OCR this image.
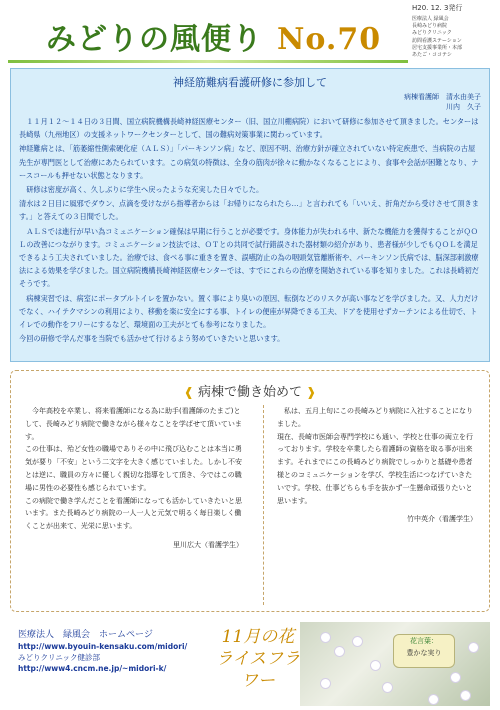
H20. 12. 3発行
みどりの風便り No.70
医療法人 緑風会
長崎みどり病院
みどりクリニック
訪問看護ステーション
居宅支援事業所・本部
あたご・ココテシ
神経筋難病看護研修に参加して
病棟看護師　清水由美子
川内　久子

　１１月１２～１４日の３日間、国立病院機構長崎神経医療センター（旧、国立川棚病院）において研修に参加させて頂きました。センターは長崎県（九州地区）の支援ネットワークセンターとして、国の難病対策事業に関わっています。

神経難病とは、「筋萎縮性側索硬化症（ＡＬＳ）」「パーキンソン病」など、原因不明、治療方針が確立されていない特定疾患で、当病院の古屋先生が専門医として治療にあたられています。この病気の特徴は、全身の筋肉が徐々に動かなくなることにより、食事や会話が困難となり、ナースコールも押せない状態となります。

　研修は密度が高く、久しぶりに学生へ戻ったような充実した日々でした。

清水は２日目に風邪でダウン、点滴を受けながら指導者からは「お帰りになられたら…」と言われても「いいえ、折角だから受けさせて頂きます。」と答えての３日間でした。

　ＡＬＳでは進行が早い為コミュニケーション確保は早期に行うことが必要です。身体能力が失われる中、新たな機能力を獲得することがＱＯＬの改善につながります。コミュニケーション技法では、ＯＴとの共同で試行錯誤された器材類の紹介があり、患者様が少しでもＱＯＬを満足できるよう工夫されていました。治療では、食べる事に重きを置き、誤嚥防止の為の咽頭気管離断術や、パーキンソン氏病では、脳深部刺激療法による効果を学びました。国立病院機構長崎神経医療センターでは、すでにこれらの治療を開始されている事を知りました。これは長崎初だそうです。

　病棟実習では、病室にポータブルトイレを置かない。置く事により臭いの原因、転倒などのリスクが高い事などを学びました。又、人力だけでなく、ハイテクマシンの利用により、移動を楽に安全にする事、トイレの便座が昇降できる工夫、ドアを使用せずカーテンによる仕切で、トイレでの動作をフリーにするなど、環境面の工夫がとても参考になりました。

今回の研修で学んだ事を当院でも活かせて行けるよう努めていきたいと思います。

❰ 病棟で働き始めて ❱

　今年高校を卒業し、将来看護師になる為に助手(看護師のたまご)として、長崎みどり病院で働きながら様々なことを学ばせて頂いています。

この仕事は、殆ど女性の職場でありその中に飛び込むことは本当に勇気が要り「不安」という二文字を大きく感じていました。しかし不安とは逆に、職員の方々に優しく親切な指導をして頂き、今ではこの職場に男性の必要性も感じられています。

この病院で働き学んだことを看護師になっても活かしていきたいと思います。また長崎みどり病院の一人一人と元気で明るく毎日楽しく働くことが出来て、光栄に思います。

里川広大（看護学生）

　私は、五月上旬にこの長崎みどり病院に入社することになりました。

現在、長崎市医師会専門学校にも通い、学校と仕事の両立を行っております。学校を卒業したら看護師の資格を取る事が出来ます。それまでにこの長崎みどり病院でしっかりと基礎や患者様とのコミュニケーションを学び、学校生活につなげていきたいです。学校、仕事どちらも手を抜かず一生懸命頑張りたいと思います。

竹中英介（看護学生）

医療法人　緑風会　ホームページ
http://www.byouin-kensaku.com/midori/
みどりクリニック健診部
http://www4.cncm.ne.jp/~midori-k/
11月の花
ライスフラワー
花言葉：
豊かな実り
